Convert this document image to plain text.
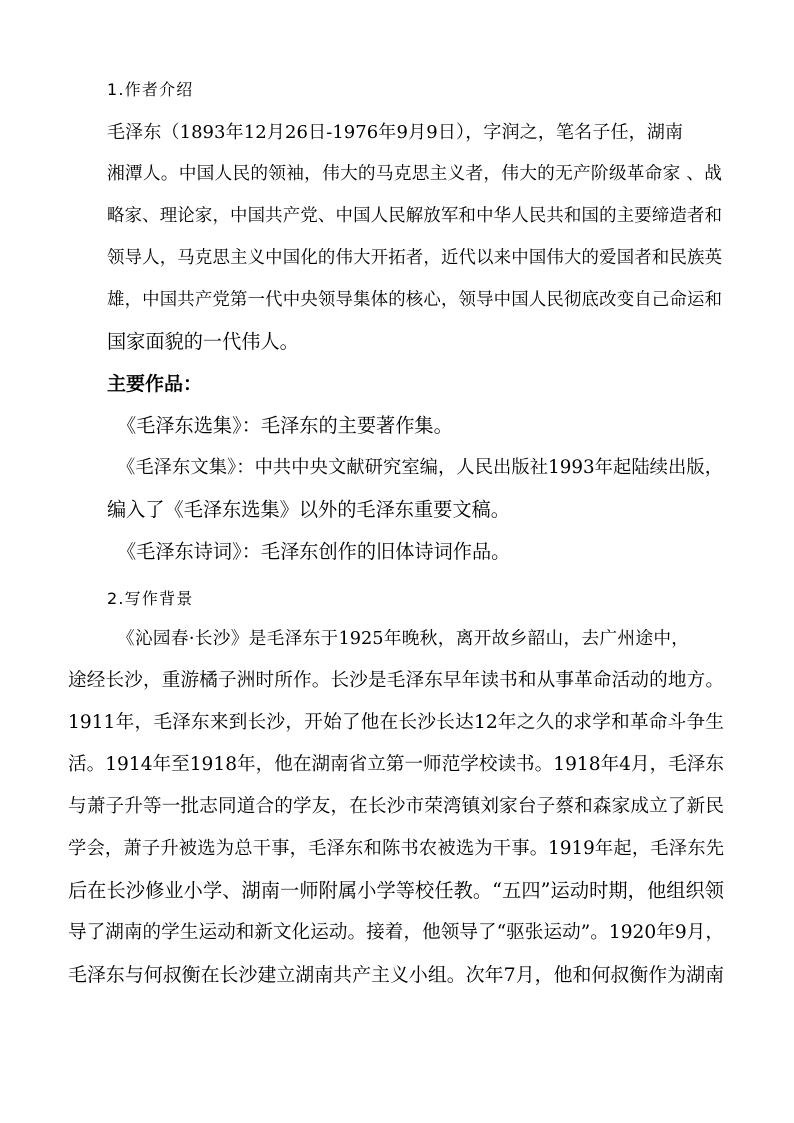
1.作者介绍
毛泽东（1893年12月26日-1976年9月9日），字润之，笔名子任，湖南
湘潭人。中国人民的领袖，伟大的马克思主义者，伟大的无产阶级革命家 、战
略家、理论家，中国共产党、中国人民解放军和中华人民共和国的主要缔造者和
领导人，马克思主义中国化的伟大开拓者，近代以来中国伟大的爱国者和民族英
雄，中国共产党第一代中央领导集体的核心，领导中国人民彻底改变自己命运和
国家面貌的一代伟人。
主要作品：
《毛泽东选集》：毛泽东的主要著作集。
《毛泽东文集》：中共中央文献研究室编，人民出版社1993年起陆续出版，
编入了《毛泽东选集》以外的毛泽东重要文稿。
《毛泽东诗词》：毛泽东创作的旧体诗词作品。
2.写作背景
《沁园春·长沙》是毛泽东于1925年晚秋，离开故乡韶山，去广州途中，
途经长沙，重游橘子洲时所作。长沙是毛泽东早年读书和从事革命活动的地方。
1911年，毛泽东来到长沙，开始了他在长沙长达12年之久的求学和革命斗争生
活。1914年至1918年，他在湖南省立第一师范学校读书。1918年4月，毛泽东
与萧子升等一批志同道合的学友，在长沙市荣湾镇刘家台子蔡和森家成立了新民
学会，萧子升被选为总干事，毛泽东和陈书农被选为干事。1919年起，毛泽东先
后在长沙修业小学、湖南一师附属小学等校任教。“五四”运动时期，他组织领
导了湖南的学生运动和新文化运动。接着，他领导了“驱张运动”。1920年9月，
毛泽东与何叔衡在长沙建立湖南共产主义小组。次年7月，他和何叔衡作为湖南
